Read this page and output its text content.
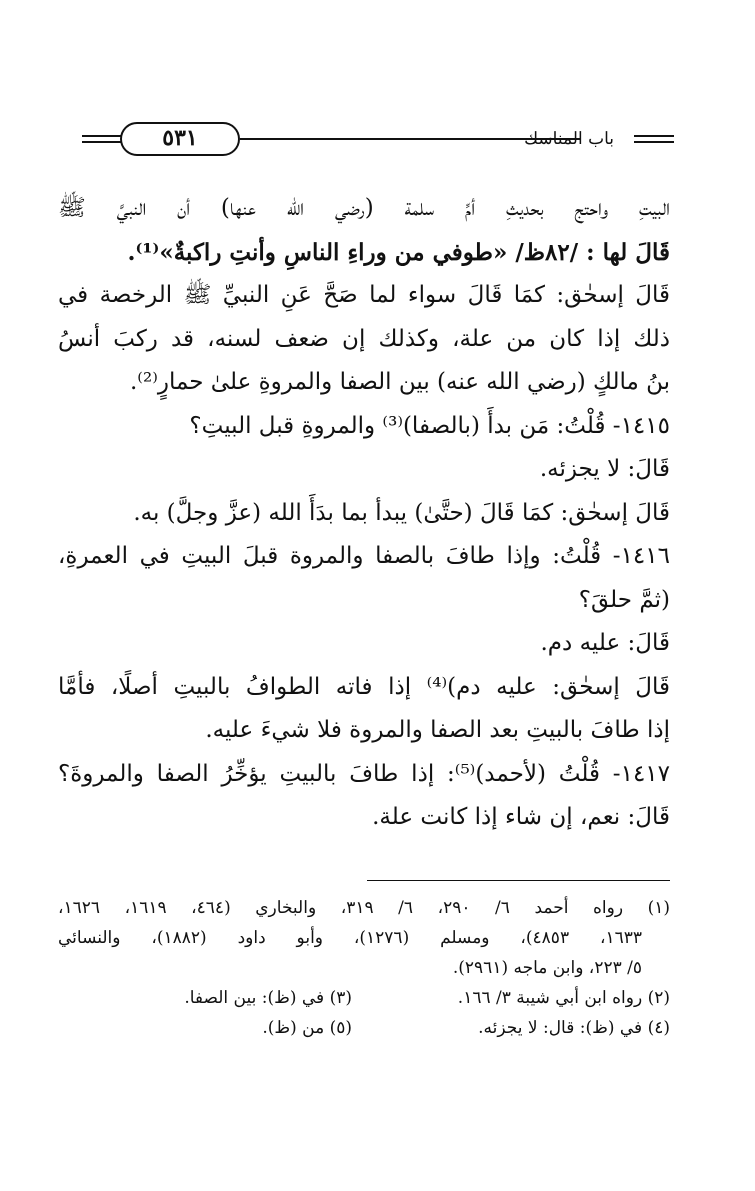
٥٣١	باب المناسك
البيتِ واحتج بحديثِ أمِّ سلمة (رضي الله عنها) أن النبيَّ ﷺ
قَالَ لها : /٨٢ظ/ «طوفي من وراءِ الناسِ وأنتِ راكبةٌ»⁽¹⁾.
قَالَ إسحٰق: كمَا قَالَ سواء لما صَحَّ عَنِ النبيِّ ﷺ الرخصة في
ذلك إذا كان من علة، وكذلك إن ضعف لسنه، قد ركبَ أنسُ
بنُ مالكٍ (رضي الله عنه) بين الصفا والمروةِ علىٰ حمارٍ⁽²⁾.
١٤١٥- قُلْتُ: مَن بدأَ (بالصفا)⁽³⁾ والمروةِ قبل البيتِ؟
قَالَ: لا يجزئه.
قَالَ إسحٰق: كمَا قَالَ (حتَّىٰ) يبدأ بما بدَأَ الله (عزَّ وجلَّ) به.
١٤١٦- قُلْتُ: وإذا طافَ بالصفا والمروة قبلَ البيتِ في العمرةِ،
(ثمَّ حلقَ؟
قَالَ: عليه دم.
قَالَ إسحٰق: عليه دم)⁽⁴⁾ إذا فاته الطوافُ بالبيتِ أصلًا، فأمَّا
إذا طافَ بالبيتِ بعد الصفا والمروة فلا شيءَ عليه.
١٤١٧- قُلْتُ (لأحمد)⁽⁵⁾: إذا طافَ بالبيتِ يؤخِّرُ الصفا والمروةَ؟
قَالَ: نعم، إن شاء إذا كانت علة.
(١) رواه أحمد ٦/ ٢٩٠، ٦/ ٣١٩، والبخاري (٤٦٤، ١٦١٩، ١٦٢٦،
١٦٣٣، ٤٨٥٣)، ومسلم (١٢٧٦)، وأبو داود (١٨٨٢)، والنسائي
٥/ ٢٢٣، وابن ماجه (٢٩٦١).
(٢) رواه ابن أبي شيبة ٣/ ١٦٦.
(٣) في (ظ): بين الصفا.
(٤) في (ظ): قال: لا يجزئه.
(٥) من (ظ).
